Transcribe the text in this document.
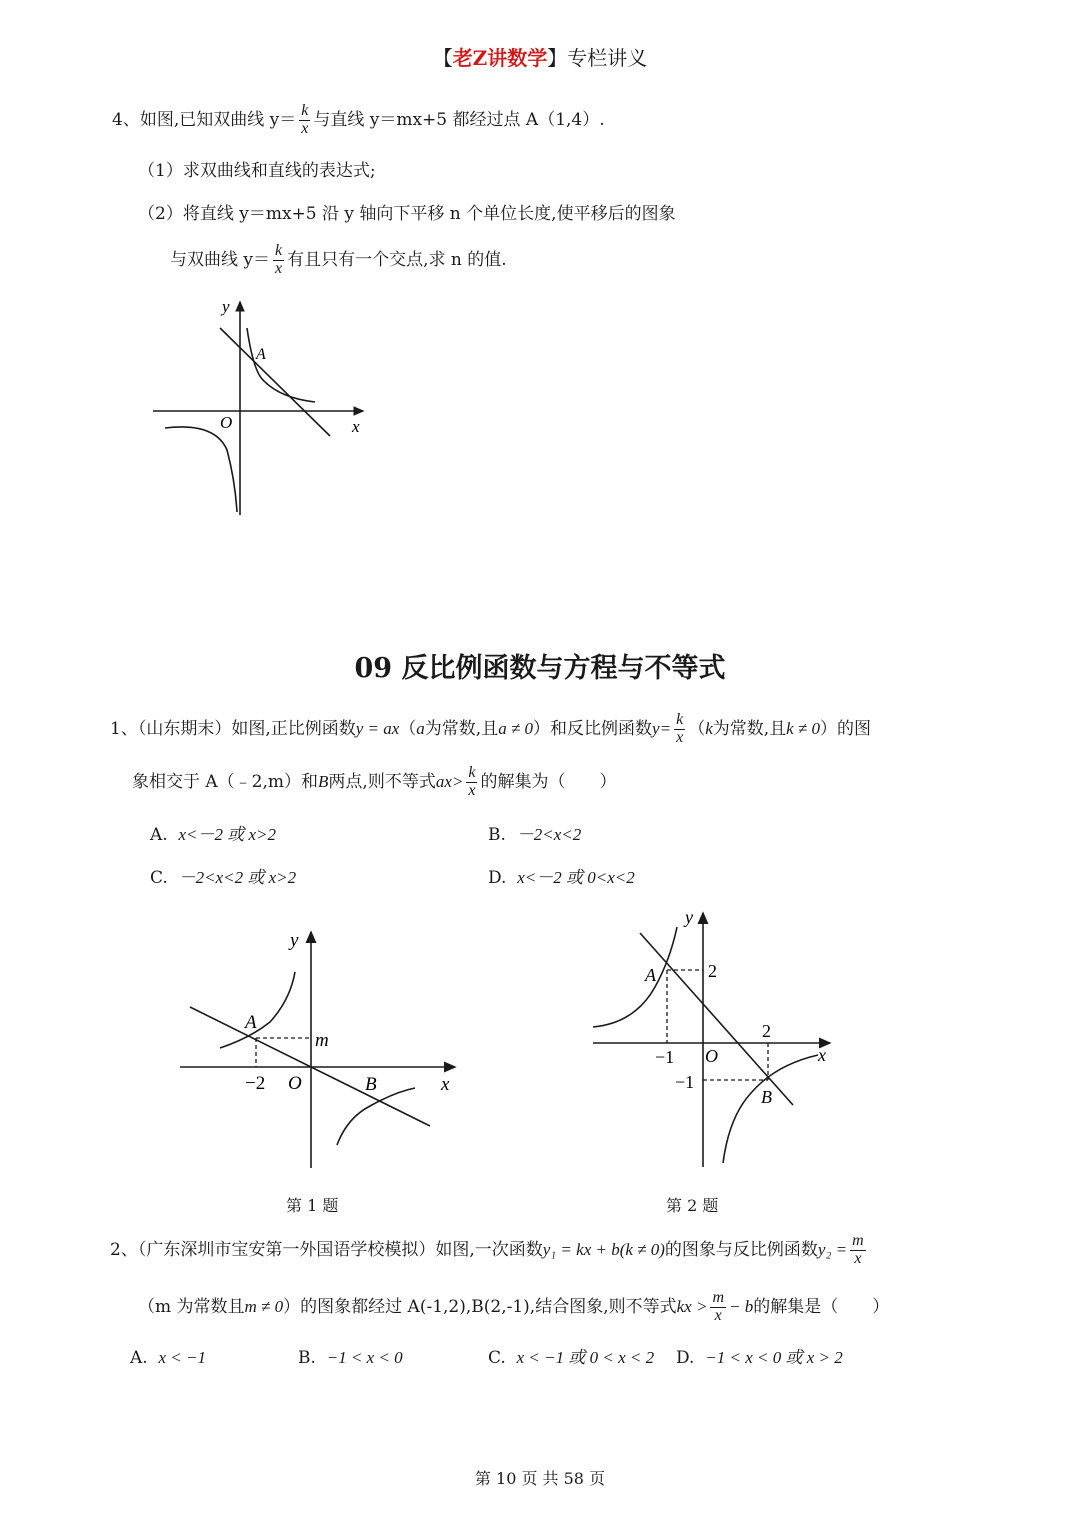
【老Z讲数学】专栏讲义
4、如图,已知双曲线 $y= \frac{k}{x}$ 与直线 y＝mx+5 都经过点 A（1,4）.
（1）求双曲线和直线的表达式;
（2）将直线 y＝mx+5 沿 y 轴向下平移 n 个单位长度,使平移后的图象
与双曲线 $y= \frac{k}{x}$ 有且只有一个交点,求 n 的值.
y
x
O
A
09 反比例函数与方程与不等式
1、（山东期末）如图,正比例函数y = ax（a为常数,且a ≠ 0）和反比例函数$y= \frac{k}{x} (k$为常数,且k ≠ 0）的图
象相交于 A（﹣2,m）和B两点,则不等式$ax> \frac{k}{x}$ 的解集为（　　）
A. x<－2 或 x>2	B. －2<x<2
C. －2<x<2 或 x>2	D. x<－2 或 0<x<2
y
x
O
A
B
m
−2
第 1 题
y
x
O
A
B
2
2
−1
−1
第 2 题
2、（广东深圳市宝安第一外国语学校模拟）如图,一次函数y₁ = kx + b(k ≠ 0)的图象与反比例函数$y_2 = \frac{m}{x}$
（m 为常数且m ≠ 0）的图象都经过 A(-1,2),B(2,-1),结合图象,则不等式kx > $\frac{m}{x} - b$的解集是（　　）
A. x < −1	B. −1 < x < 0	C. x < −1 或 0 < x < 2 D. −1 < x < 0 或 x > 2
第 10 页 共 58 页
